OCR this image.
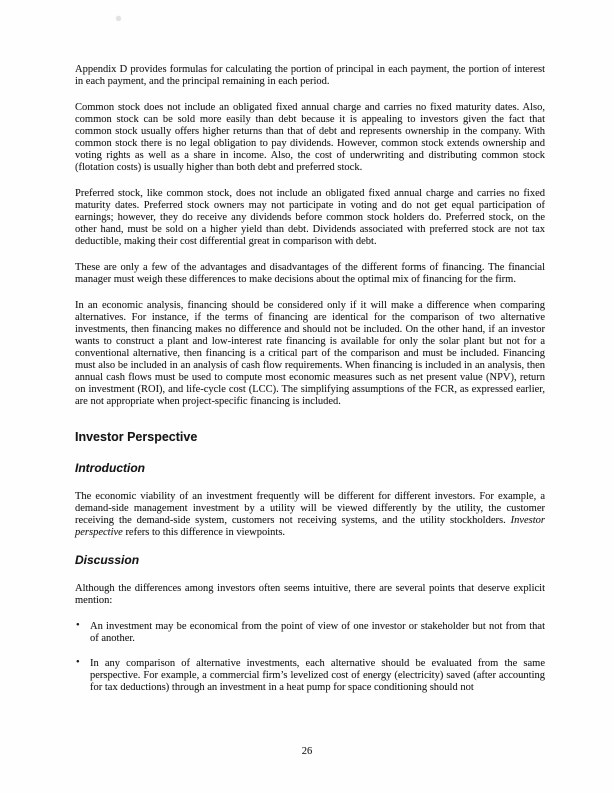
Appendix D provides formulas for calculating the portion of principal in each payment, the portion of interest in each payment, and the principal remaining in each period.

Common stock does not include an obligated fixed annual charge and carries no fixed maturity dates. Also, common stock can be sold more easily than debt because it is appealing to investors given the fact that common stock usually offers higher returns than that of debt and represents ownership in the company. With common stock there is no legal obligation to pay dividends. However, common stock extends ownership and voting rights as well as a share in income. Also, the cost of underwriting and distributing common stock (flotation costs) is usually higher than both debt and preferred stock.

Preferred stock, like common stock, does not include an obligated fixed annual charge and carries no fixed maturity dates. Preferred stock owners may not participate in voting and do not get equal participation of earnings; however, they do receive any dividends before common stock holders do. Preferred stock, on the other hand, must be sold on a higher yield than debt. Dividends associated with preferred stock are not tax deductible, making their cost differential great in comparison with debt.

These are only a few of the advantages and disadvantages of the different forms of financing. The financial manager must weigh these differences to make decisions about the optimal mix of financing for the firm.

In an economic analysis, financing should be considered only if it will make a difference when comparing alternatives. For instance, if the terms of financing are identical for the comparison of two alternative investments, then financing makes no difference and should not be included. On the other hand, if an investor wants to construct a plant and low-interest rate financing is available for only the solar plant but not for a conventional alternative, then financing is a critical part of the comparison and must be included. Financing must also be included in an analysis of cash flow requirements. When financing is included in an analysis, then annual cash flows must be used to compute most economic measures such as net present value (NPV), return on investment (ROI), and life-cycle cost (LCC). The simplifying assumptions of the FCR, as expressed earlier, are not appropriate when project-specific financing is included.

Investor Perspective
Introduction

The economic viability of an investment frequently will be different for different investors. For example, a demand-side management investment by a utility will be viewed differently by the utility, the customer receiving the demand-side system, customers not receiving systems, and the utility stockholders. Investor perspective refers to this difference in viewpoints.

Discussion

Although the differences among investors often seems intuitive, there are several points that deserve explicit mention:

• An investment may be economical from the point of view of one investor or stakeholder but not from that of another.
• In any comparison of alternative investments, each alternative should be evaluated from the same perspective. For example, a commercial firm’s levelized cost of energy (electricity) saved (after accounting for tax deductions) through an investment in a heat pump for space conditioning should not
26
